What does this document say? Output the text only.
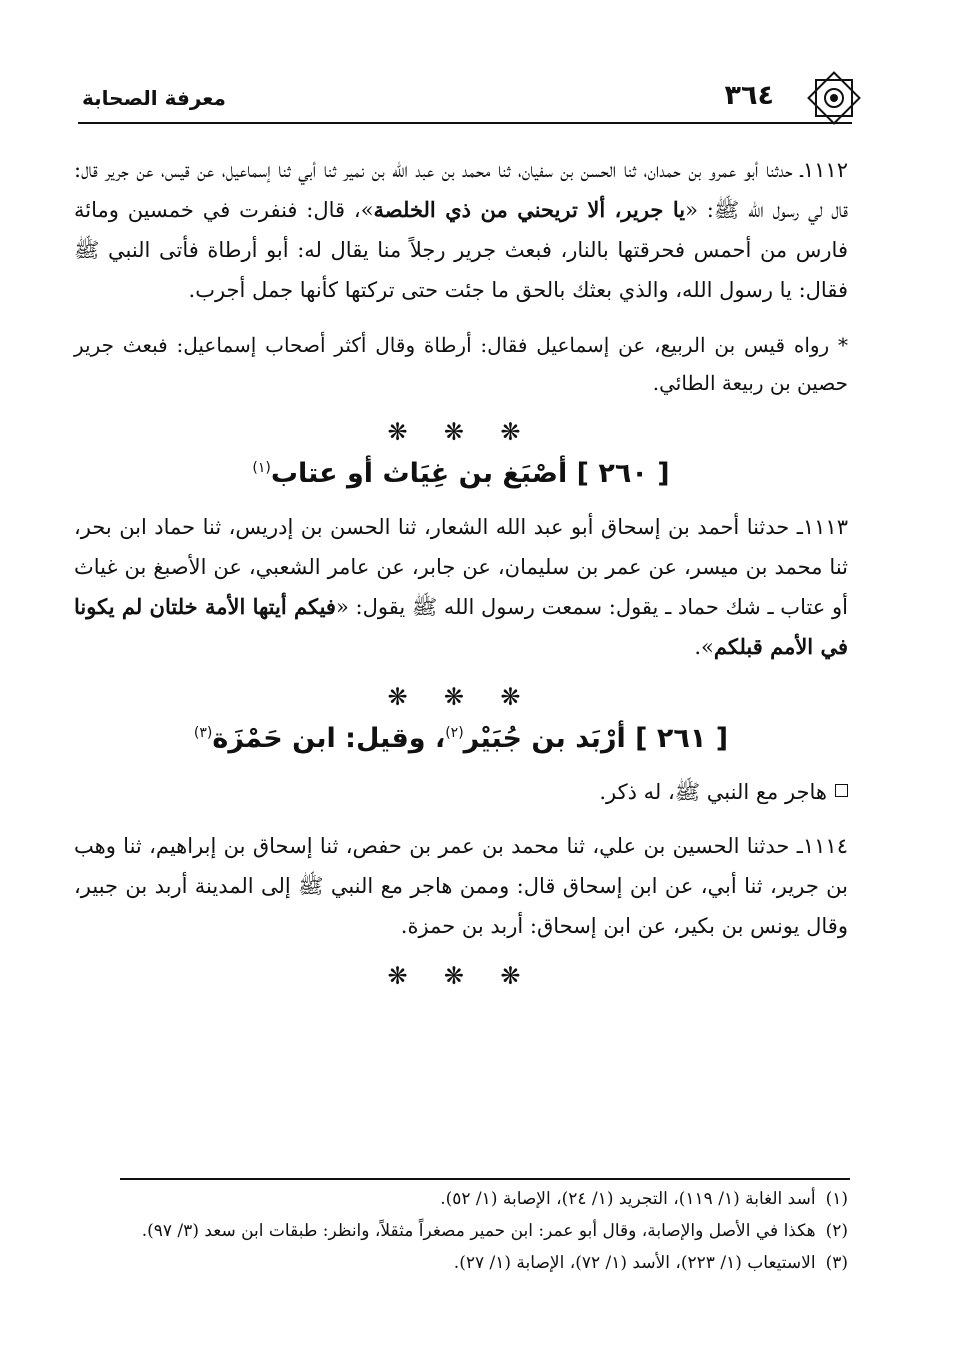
٣٦٤
معرفة الصحابة

١١١٢ـ حدثنا أبو عمرو بن حمدان، ثنا الحسن بن سفيان، ثنا محمد بن عبد الله بن نمير ثنا أبي ثنا إسماعيل، عن قيس، عن جرير قال: قال لي رسول الله ﷺ: «يا جرير، ألا تريحني من ذي الخلصة»، قال: فنفرت في خمسين ومائة فارس من أحمس فحرقتها بالنار، فبعث جرير رجلاً منا يقال له: أبو أرطاة فأتى النبي ﷺ فقال: يا رسول الله، والذي بعثك بالحق ما جئت حتى تركتها كأنها جمل أجرب.

* رواه قيس بن الربيع، عن إسماعيل فقال: أرطاة وقال أكثر أصحاب إسماعيل: فبعث جرير حصين بن ربيعة الطائي.

❋ ❋ ❋
[ ٢٦٠ ] أصْبَغ بن غِيَاث أو عتاب$^{(١)}$

١١١٣ـ حدثنا أحمد بن إسحاق أبو عبد الله الشعار، ثنا الحسن بن إدريس، ثنا حماد ابن بحر، ثنا محمد بن ميسر، عن عمر بن سليمان، عن جابر، عن عامر الشعبي، عن الأصبغ بن غياث أو عتاب ـ شك حماد ـ يقول: سمعت رسول الله ﷺ يقول: «فيكم أيتها الأمة خلتان لم يكونا في الأمم قبلكم».

❋ ❋ ❋
[ ٢٦١ ] أرْبَد بن جُبَيْر$^{(٢)}$، وقيل: ابن حَمْزَة$^{(٣)}$
هاجر مع النبي ﷺ، له ذكر.

١١١٤ـ حدثنا الحسين بن علي، ثنا محمد بن عمر بن حفص، ثنا إسحاق بن إبراهيم، ثنا وهب بن جرير، ثنا أبي، عن ابن إسحاق قال: وممن هاجر مع النبي ﷺ إلى المدينة أربد بن جبير، وقال يونس بن بكير، عن ابن إسحاق: أربد بن حمزة.

❋ ❋ ❋
(١)أسد الغابة (١/ ١١٩)، التجريد (١/ ٢٤)، الإصابة (١/ ٥٢).
(٢)هكذا في الأصل والإصابة، وقال أبو عمر: ابن حمير مصغراً مثقلاً، وانظر: طبقات ابن سعد (٣/ ٩٧).
(٣)الاستيعاب (١/ ٢٢٣)، الأسد (١/ ٧٢)، الإصابة (١/ ٢٧).
